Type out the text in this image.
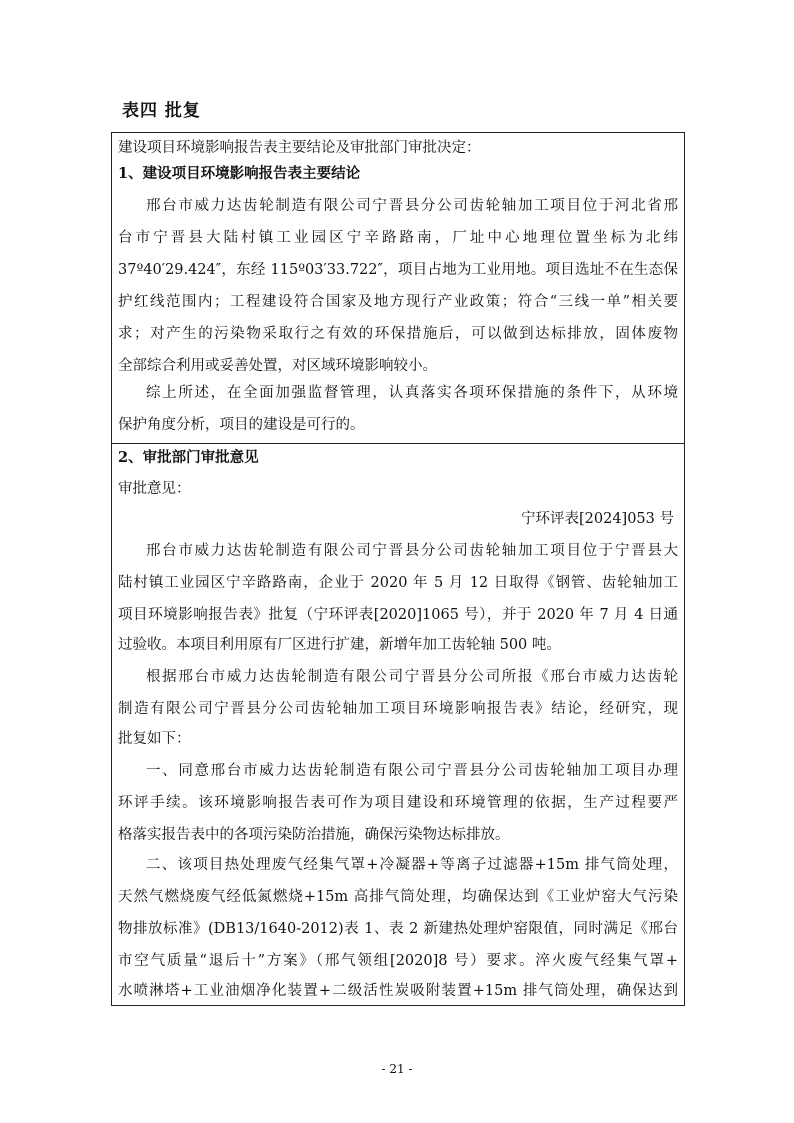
表四 批复
建设项目环境影响报告表主要结论及审批部门审批决定：
1、建设项目环境影响报告表主要结论
邢台市威力达齿轮制造有限公司宁晋县分公司齿轮轴加工项目位于河北省邢
台市宁晋县大陆村镇工业园区宁辛路路南，厂址中心地理位置坐标为北纬
37º40′29.424″，东经 115º03′33.722″，项目占地为工业用地。项目选址不在生态保
护红线范围内；工程建设符合国家及地方现行产业政策；符合“三线一单”相关要
求；对产生的污染物采取行之有效的环保措施后，可以做到达标排放，固体废物
全部综合利用或妥善处置，对区域环境影响较小。
综上所述，在全面加强监督管理，认真落实各项环保措施的条件下，从环境
保护角度分析，项目的建设是可行的。
2、审批部门审批意见
审批意见：
宁环评表[2024]053 号
邢台市威力达齿轮制造有限公司宁晋县分公司齿轮轴加工项目位于宁晋县大
陆村镇工业园区宁辛路路南，企业于 2020 年 5 月 12 日取得《钢管、齿轮轴加工
项目环境影响报告表》批复（宁环评表[2020]1065 号），并于 2020 年 7 月 4 日通
过验收。本项目利用原有厂区进行扩建，新增年加工齿轮轴 500 吨。
根据邢台市威力达齿轮制造有限公司宁晋县分公司所报《邢台市威力达齿轮
制造有限公司宁晋县分公司齿轮轴加工项目环境影响报告表》结论，经研究，现
批复如下：
一、同意邢台市威力达齿轮制造有限公司宁晋县分公司齿轮轴加工项目办理
环评手续。该环境影响报告表可作为项目建设和环境管理的依据，生产过程要严
格落实报告表中的各项污染防治措施，确保污染物达标排放。
二、该项目热处理废气经集气罩+冷凝器+等离子过滤器+15m 排气筒处理，
天然气燃烧废气经低氮燃烧+15m 高排气筒处理，均确保达到《工业炉窑大气污染
物排放标准》(DB13/1640-2012)表 1、表 2 新建热处理炉窑限值，同时满足《邢台
市空气质量“退后十”方案》（邢气领组[2020]8 号）要求。淬火废气经集气罩+
水喷淋塔+工业油烟净化装置+二级活性炭吸附装置+15m 排气筒处理，确保达到
- 21 -
